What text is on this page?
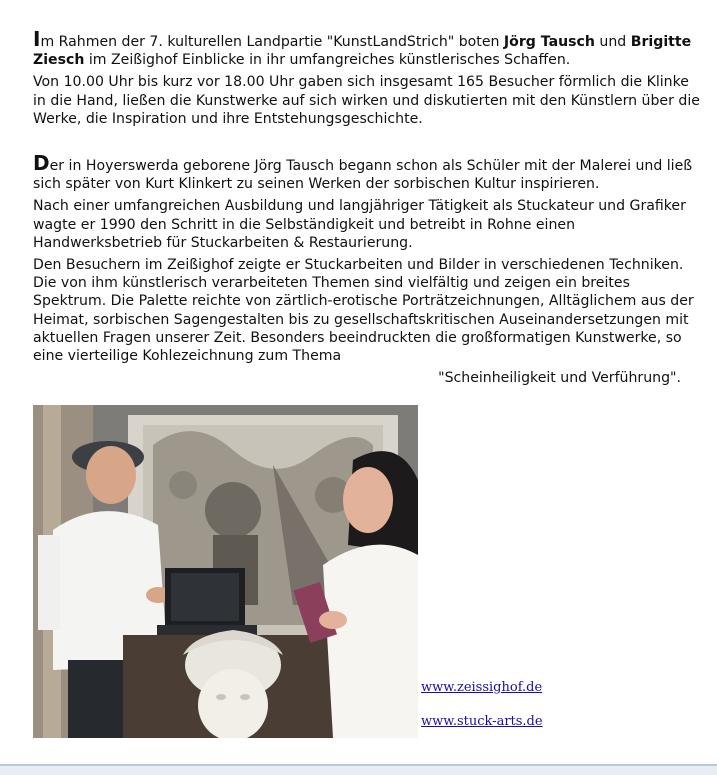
Im Rahmen der 7. kulturellen Landpartie "KunstLandStrich" boten Jörg Tausch und Brigitte Ziesch im Zeißighof Einblicke in ihr umfangreiches künstlerisches Schaffen.

Von 10.00 Uhr bis kurz vor 18.00 Uhr gaben sich insgesamt 165 Besucher förmlich die Klinke in die Hand, ließen die Kunstwerke auf sich wirken und diskutierten mit den Künstlern über die Werke, die Inspiration und ihre Entstehungsgeschichte.

Der in Hoyerswerda geborene Jörg Tausch begann schon als Schüler mit der Malerei und ließ sich später von Kurt Klinkert zu seinen Werken der sorbischen Kultur inspirieren.

Nach einer umfangreichen Ausbildung und langjähriger Tätigkeit als Stuckateur und Grafiker wagte er 1990 den Schritt in die Selbständigkeit und betreibt in Rohne einen Handwerksbetrieb für Stuckarbeiten & Restaurierung.

Den Besuchern im Zeißighof zeigte er Stuckarbeiten und Bilder in verschiedenen Techniken. Die von ihm künstlerisch verarbeiteten Themen sind vielfältig und zeigen ein breites Spektrum. Die Palette reichte von zärtlich-erotische Porträtzeichnungen, Alltäglichem aus der Heimat, sorbischen Sagengestalten bis zu gesellschaftskritischen Auseinandersetzungen mit aktuellen Fragen unserer Zeit. Besonders beeindruckten die großformatigen Kunstwerke, so eine vierteilige Kohlezeichnung zum Thema

"Scheinheiligkeit und Verführung".
www.zeissighof.de
www.stuck-arts.de
